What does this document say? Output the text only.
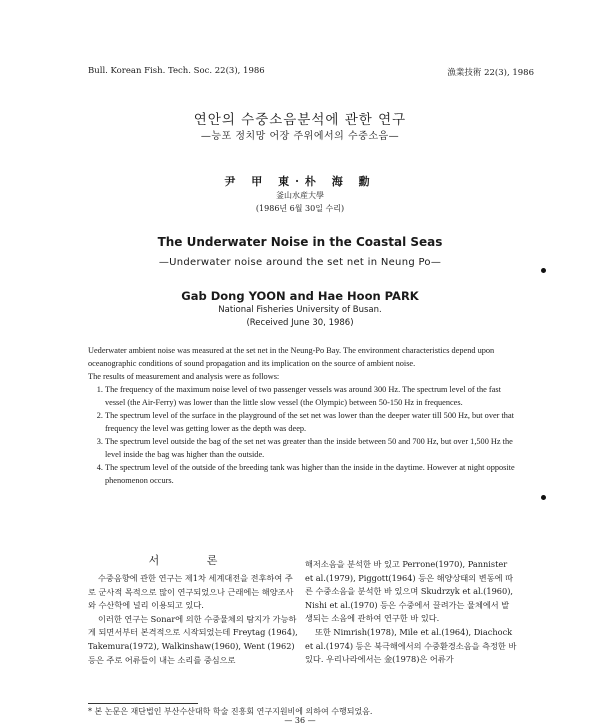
Bull. Korean Fish. Tech. Soc. 22(3), 1986	漁業技術 22(3), 1986
연안의 수중소음분석에 관한 연구
—능포 정치망 어장 주위에서의 수중소음—
尹 甲 東·朴 海 勳
釜山水産大學
(1986년 6월 30일 수리)
The Underwater Noise in the Coastal Seas
—Underwater noise around the set net in Neung Po—
Gab Dong YOON and Hae Hoon PARK
National Fisheries University of Busan.
(Received June 30, 1986)

Uederwater ambient noise was measured at the set net in the Neung-Po Bay. The environment characteristics depend upon oceanographic conditions of sound propagation and its implication on the source of ambient noise.

The results of measurement and analysis were as follows:

1. The frequency of the maximum noise level of two passenger vessels was around 300 Hz. The spectrum level of the fast vessel (the Air-Ferry) was lower than the little slow vessel (the Olympic) between 50-150 Hz in frequences.
2. The spectrum level of the surface in the playground of the set net was lower than the deeper water till 500 Hz, but over that frequency the level was getting lower as the depth was deep.
3. The spectrum level outside the bag of the set net was greater than the inside between 50 and 700 Hz, but over 1,500 Hz the level inside the bag was higher than the outside.
4. The spectrum level of the outside of the breeding tank was higher than the inside in the daytime. However at night opposite phenomenon occurs.
서 론

수중음향에 관한 연구는 제1차 세계대전을 전후하여 주로 군사적 목적으로 많이 연구되었으나 근래에는 해양조사와 수산학에 널리 이용되고 있다.

이러한 연구는 Sonar에 의한 수중물체의 탐지가 가능하게 되면서부터 본격적으로 시작되었는데 Freytag (1964), Takemura(1972), Walkinshaw(1960), Went (1962) 등은 주로 어류들이 내는 소리를 중심으로

해저소음을 분석한 바 있고 Perrone(1970), Pannister et al.(1979), Piggott(1964) 등은 해양상태의 변동에 따른 수중소음을 분석한 바 있으며 Skudrzyk et al.(1960), Nishi et al.(1970) 등은 수중에서 끌려가는 물체에서 발생되는 소음에 관하여 연구한 바 있다.

또한 Nimrish(1978), Mile et al.(1964), Diachock et al.(1974) 등은 북극해에서의 수중환경소음을 측정한 바 있다. 우리나라에서는 金(1978)은 어류가

* 본 논문은 재단법인 부산수산대학 학술 진흥회 연구지원비에 의하여 수행되었음.
— 36 —
